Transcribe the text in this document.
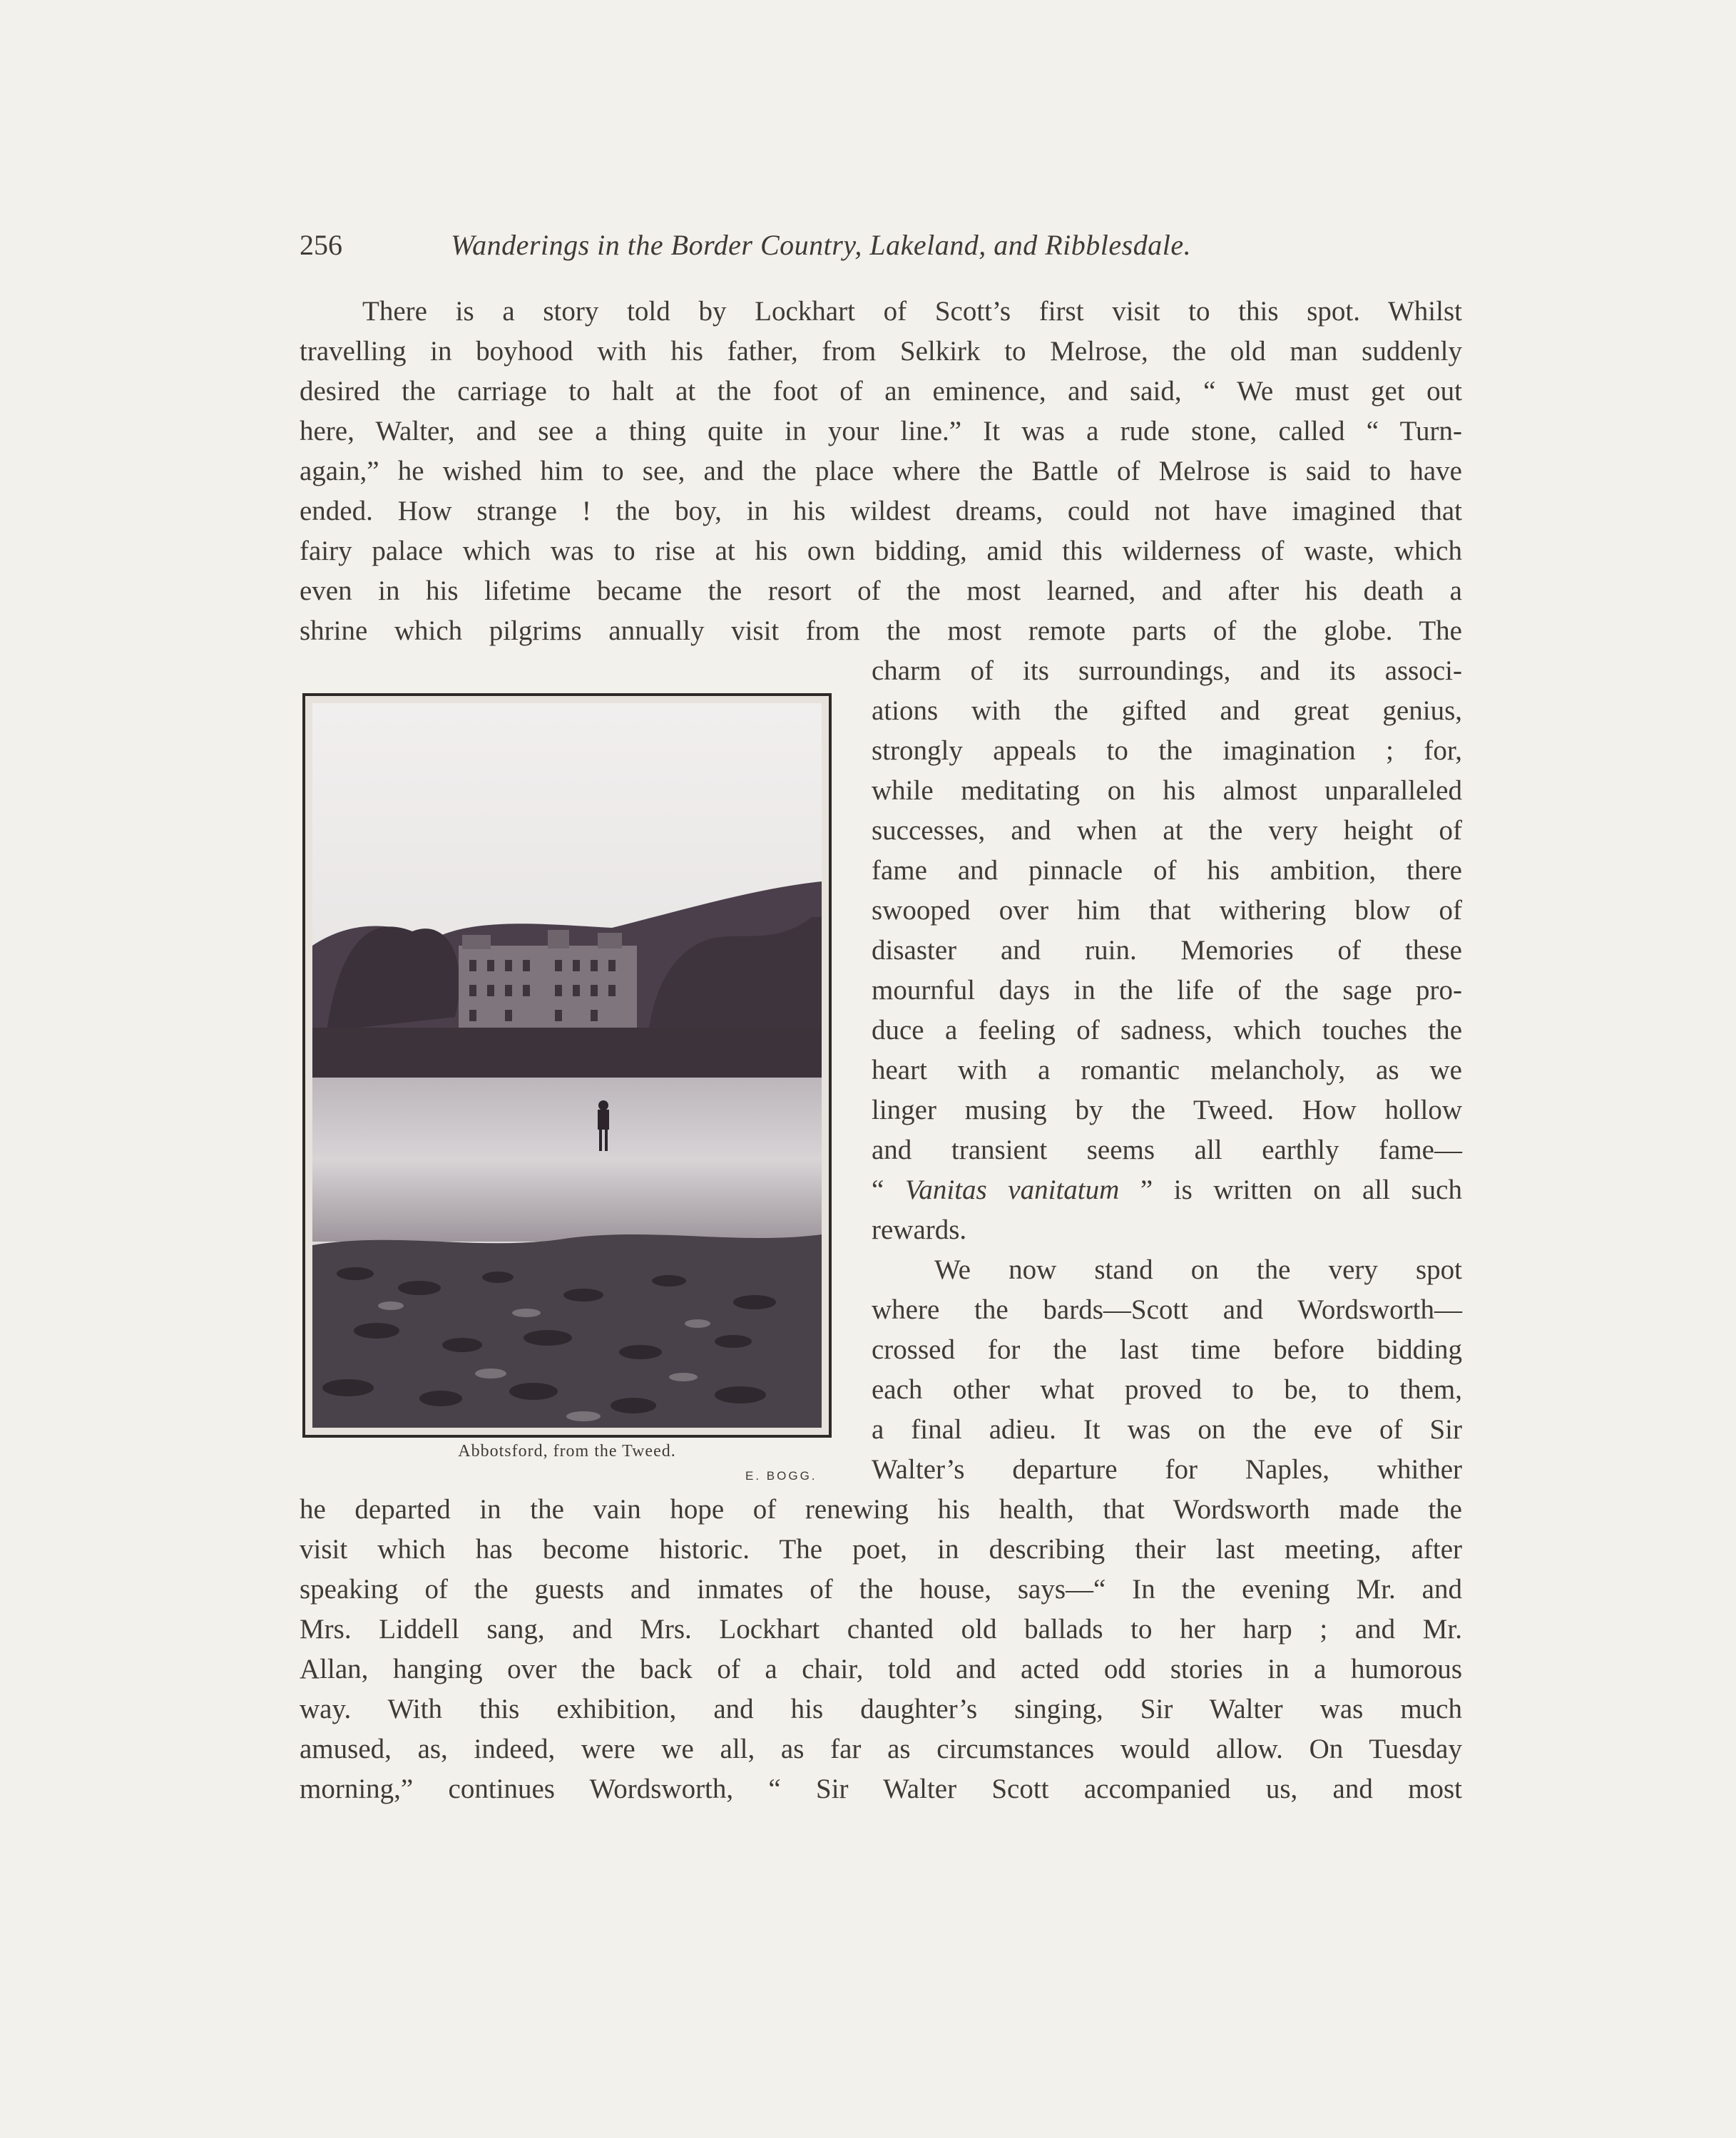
256	Wanderings in the Border Country, Lakeland, and Ribblesdale.
There is a story told by Lockhart of Scott’s first visit to this spot. Whilst
travelling in boyhood with his father, from Selkirk to Melrose, the old man suddenly
desired the carriage to halt at the foot of an eminence, and said, “ We must get out
here, Walter, and see a thing quite in your line.” It was a rude stone, called “ Turn-
again,” he wished him to see, and the place where the Battle of Melrose is said to have
ended. How strange ! the boy, in his wildest dreams, could not have imagined that
fairy palace which was to rise at his own bidding, amid this wilderness of waste, which
even in his lifetime became the resort of the most learned, and after his death a
shrine which pilgrims annually visit from the most remote parts of the globe. The
charm of its surroundings, and its associ-
ations with the gifted and great genius,
strongly appeals to the imagination ; for,
while meditating on his almost unparalleled
successes, and when at the very height of
fame and pinnacle of his ambition, there
swooped over him that withering blow of
disaster and ruin. Memories of these
mournful days in the life of the sage pro-
duce a feeling of sadness, which touches the
heart with a romantic melancholy, as we
linger musing by the Tweed. How hollow
and transient seems all earthly fame—
“ Vanitas vanitatum ” is written on all such
rewards.
We now stand on the very spot
where the bards—Scott and Wordsworth—
crossed for the last time before bidding
each other what proved to be, to them,
a final adieu. It was on the eve of Sir
Walter’s departure for Naples, whither
he departed in the vain hope of renewing his health, that Wordsworth made the
visit which has become historic. The poet, in describing their last meeting, after
speaking of the guests and inmates of the house, says—“ In the evening Mr. and
Mrs. Liddell sang, and Mrs. Lockhart chanted old ballads to her harp ; and Mr.
Allan, hanging over the back of a chair, told and acted odd stories in a humorous
way. With this exhibition, and his daughter’s singing, Sir Walter was much
amused, as, indeed, were we all, as far as circumstances would allow. On Tuesday
morning,” continues Wordsworth, “ Sir Walter Scott accompanied us, and most
Abbotsford, from the Tweed.
E. BOGG.
